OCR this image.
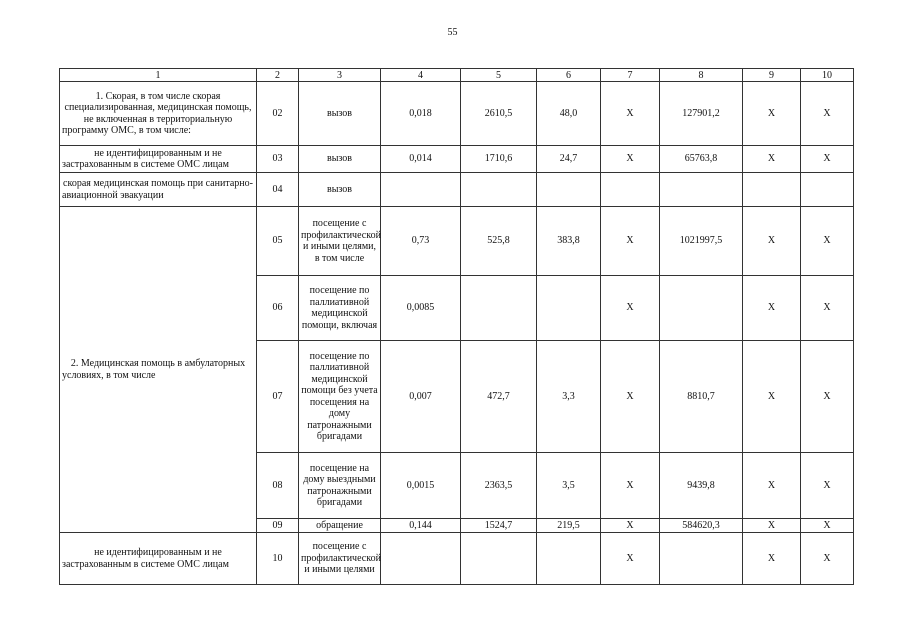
55
1	2	3	4	5	6	7	8	9	10
1. Скорая, в том числе скорая специализированная, медицинская помощь, не включенная в территориальную программу ОМС, в том числе:	02	вызов	0,018	2610,5	48,0	Х	127901,2	Х	Х
не идентифицированным и не застрахованным в системе ОМС лицам	03	вызов	0,014	1710,6	24,7	Х	65763,8	Х	Х
скорая медицинская помощь при санитарно-авиационной эвакуации	04	вызов							
2. Медицинская помощь в амбулаторных условиях, в том числе	05	посещение с профилактической и иными целями, в том числе	0,73	525,8	383,8	Х	1021997,5	Х	Х
	06	посещение по паллиативной медицинской помощи, включая	0,0085			Х		Х	Х
	07	посещение по паллиативной медицинской помощи без учета посещения на дому патронажными бригадами	0,007	472,7	3,3	Х	8810,7	Х	Х
	08	посещение на дому выездными патронажными бригадами	0,0015	2363,5	3,5	Х	9439,8	Х	Х
	09	обращение	0,144	1524,7	219,5	Х	584620,3	Х	Х
не идентифицированным и не застрахованным в системе ОМС лицам	10	посещение с профилактической и иными целями				Х		Х	Х
